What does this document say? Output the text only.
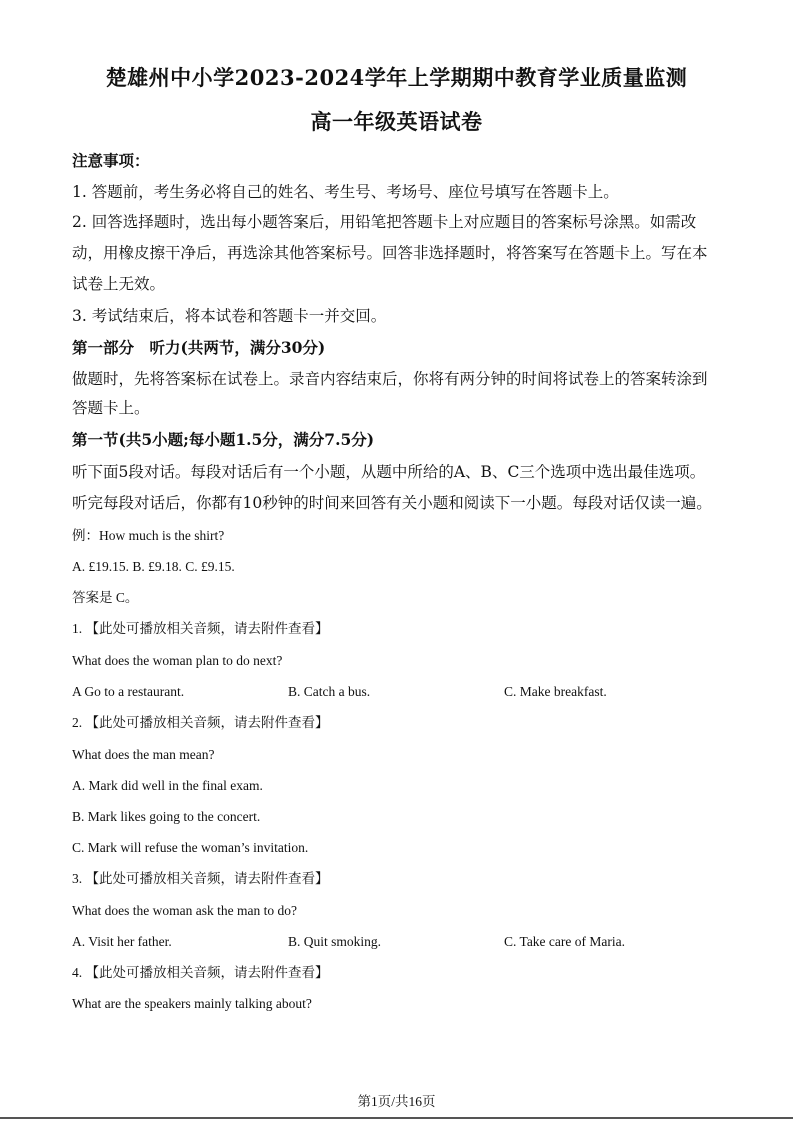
楚雄州中小学2023-2024学年上学期期中教育学业质量监测
高一年级英语试卷
注意事项：
1. 答题前，考生务必将自己的姓名、考生号、考场号、座位号填写在答题卡上。
2. 回答选择题时，选出每小题答案后，用铅笔把答题卡上对应题目的答案标号涂黑。如需改
动，用橡皮擦干净后，再选涂其他答案标号。回答非选择题时，将答案写在答题卡上。写在本
试卷上无效。
3. 考试结束后，将本试卷和答题卡一并交回。
第一部分　听力(共两节，满分30分)
做题时，先将答案标在试卷上。录音内容结束后，你将有两分钟的时间将试卷上的答案转涂到
答题卡上。
第一节(共5小题;每小题1.5分，满分7.5分)
听下面5段对话。每段对话后有一个小题，从题中所给的A、B、C三个选项中选出最佳选项。
听完每段对话后，你都有10秒钟的时间来回答有关小题和阅读下一小题。每段对话仅读一遍。
例：How much is the shirt?
A. £19.15. B. £9.18. C. £9.15.
答案是 C。
1. 【此处可播放相关音频，请去附件查看】
What does the woman plan to do next?
A Go to a restaurant.	B. Catch a bus.	C. Make breakfast.
2. 【此处可播放相关音频，请去附件查看】
What does the man mean?
A. Mark did well in the final exam.
B. Mark likes going to the concert.
C. Mark will refuse the woman’s invitation.
3. 【此处可播放相关音频，请去附件查看】
What does the woman ask the man to do?
A. Visit her father.	B. Quit smoking.	C. Take care of Maria.
4. 【此处可播放相关音频，请去附件查看】
What are the speakers mainly talking about?
第1页/共16页
